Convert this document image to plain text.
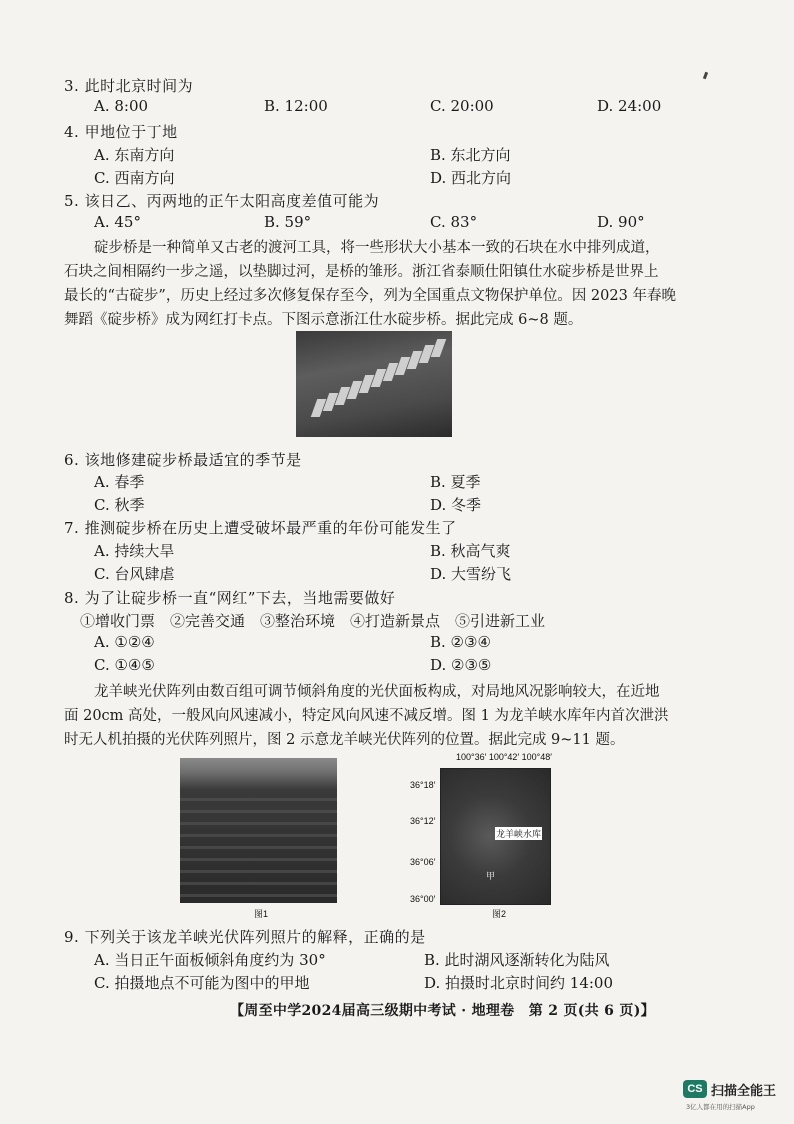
3. 此时北京时间为
A. 8:00	B. 12:00	C. 20:00	D. 24:00
4. 甲地位于丁地
A. 东南方向	B. 东北方向
C. 西南方向	D. 西北方向
5. 该日乙、丙两地的正午太阳高度差值可能为
A. 45°	B. 59°	C. 83°	D. 90°
碇步桥是一种简单又古老的渡河工具，将一些形状大小基本一致的石块在水中排列成道，
石块之间相隔约一步之遥，以垫脚过河，是桥的雏形。浙江省泰顺仕阳镇仕水碇步桥是世界上
最长的“古碇步”，历史上经过多次修复保存至今，列为全国重点文物保护单位。因 2023 年春晚
舞蹈《碇步桥》成为网红打卡点。下图示意浙江仕水碇步桥。据此完成 6~8 题。
6. 该地修建碇步桥最适宜的季节是
A. 春季	B. 夏季
C. 秋季	D. 冬季
7. 推测碇步桥在历史上遭受破坏最严重的年份可能发生了
A. 持续大旱	B. 秋高气爽
C. 台风肆虐	D. 大雪纷飞
8. 为了让碇步桥一直“网红”下去，当地需要做好
①增收门票　②完善交通　③整治环境　④打造新景点　⑤引进新工业
A. ①②④	B. ②③④
C. ①④⑤	D. ②③⑤
龙羊峡光伏阵列由数百组可调节倾斜角度的光伏面板构成，对局地风况影响较大，在近地
面 20cm 高处，一般风向风速减小，特定风向风速不减反增。图 1 为龙羊峡水库年内首次泄洪
时无人机拍摄的光伏阵列照片，图 2 示意龙羊峡光伏阵列的位置。据此完成 9~11 题。
图1
100°36′ 100°42′ 100°48′
36°18′
36°12′
36°06′
36°00′
龙羊峡水库
甲
图2
9. 下列关于该龙羊峡光伏阵列照片的解释，正确的是
A. 当日正午面板倾斜角度约为 30°	B. 此时湖风逐渐转化为陆风
C. 拍摄地点不可能为图中的甲地	D. 拍摄时北京时间约 14:00
【周至中学2024届高三级期中考试 · 地理卷　第 2 页(共 6 页)】
CS 扫描全能王
3亿人都在用的扫描App
